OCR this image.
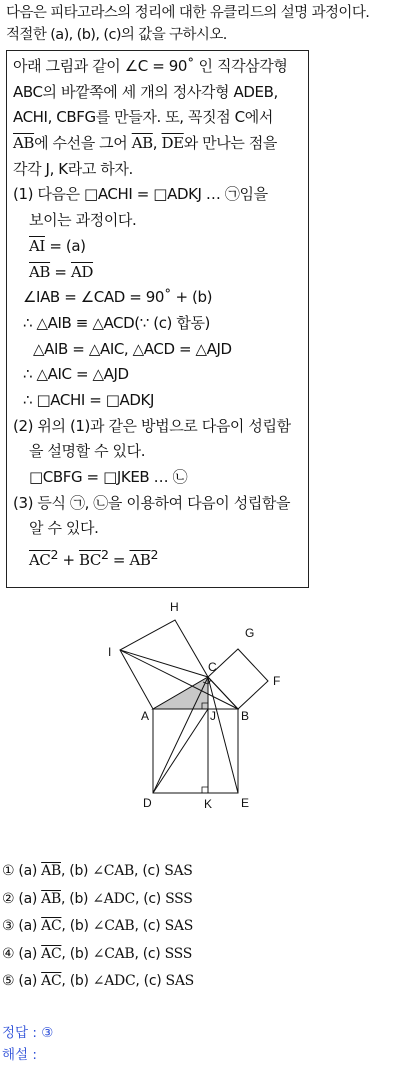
다음은 피타고라스의 정리에 대한 유클리드의 설명 과정이다.
적절한 (a), (b), (c)의 값을 구하시오.
아래 그림과 같이 ∠C = 90˚ 인 직각삼각형
ABC의 바깥쪽에 세 개의 정사각형 ADEB,
ACHI, CBFG를 만들자. 또, 꼭짓점 C에서
$\overline{AB}$에 수선을 그어 $\overline{AB}$, $\overline{DE}$와 만나는 점을
각각 J, K라고 하자.
(1) 다음은 □ACHI = □ADKJ … ㉠임을
보이는 과정이다.
$\overline{AI} = (a)$
$\overline{AB} = \overline{AD}$
∠IAB = ∠CAD = 90˚ + (b)
∴ △AIB ≡ △ACD(∵ (c) 합동)
△AIB = △AIC, △ACD = △AJD
∴ △AIC = △AJD
∴ □ACHI = □ADKJ
(2) 위의 (1)과 같은 방법으로 다음이 성립함
을 설명할 수 있다.
□CBFG = □JKEB … ㉡
(3) 등식 ㉠, ㉡을 이용하여 다음이 성립함을
알 수 있다.
$\overline{AC}^2 + \overline{BC}^2 = \overline{AB}^2$
H
G
I
C
F
A	J B
D	K E
① (a) $\overline{AB}$, (b) ∠CAB, (c) SAS
② (a) $\overline{AB}$, (b) ∠ADC, (c) SSS
③ (a) $\overline{AC}$, (b) ∠CAB, (c) SAS
④ (a) $\overline{AC}$, (b) ∠CAB, (c) SSS
⑤ (a) $\overline{AC}$, (b) ∠ADC, (c) SAS
정답 : ③
해설 :
